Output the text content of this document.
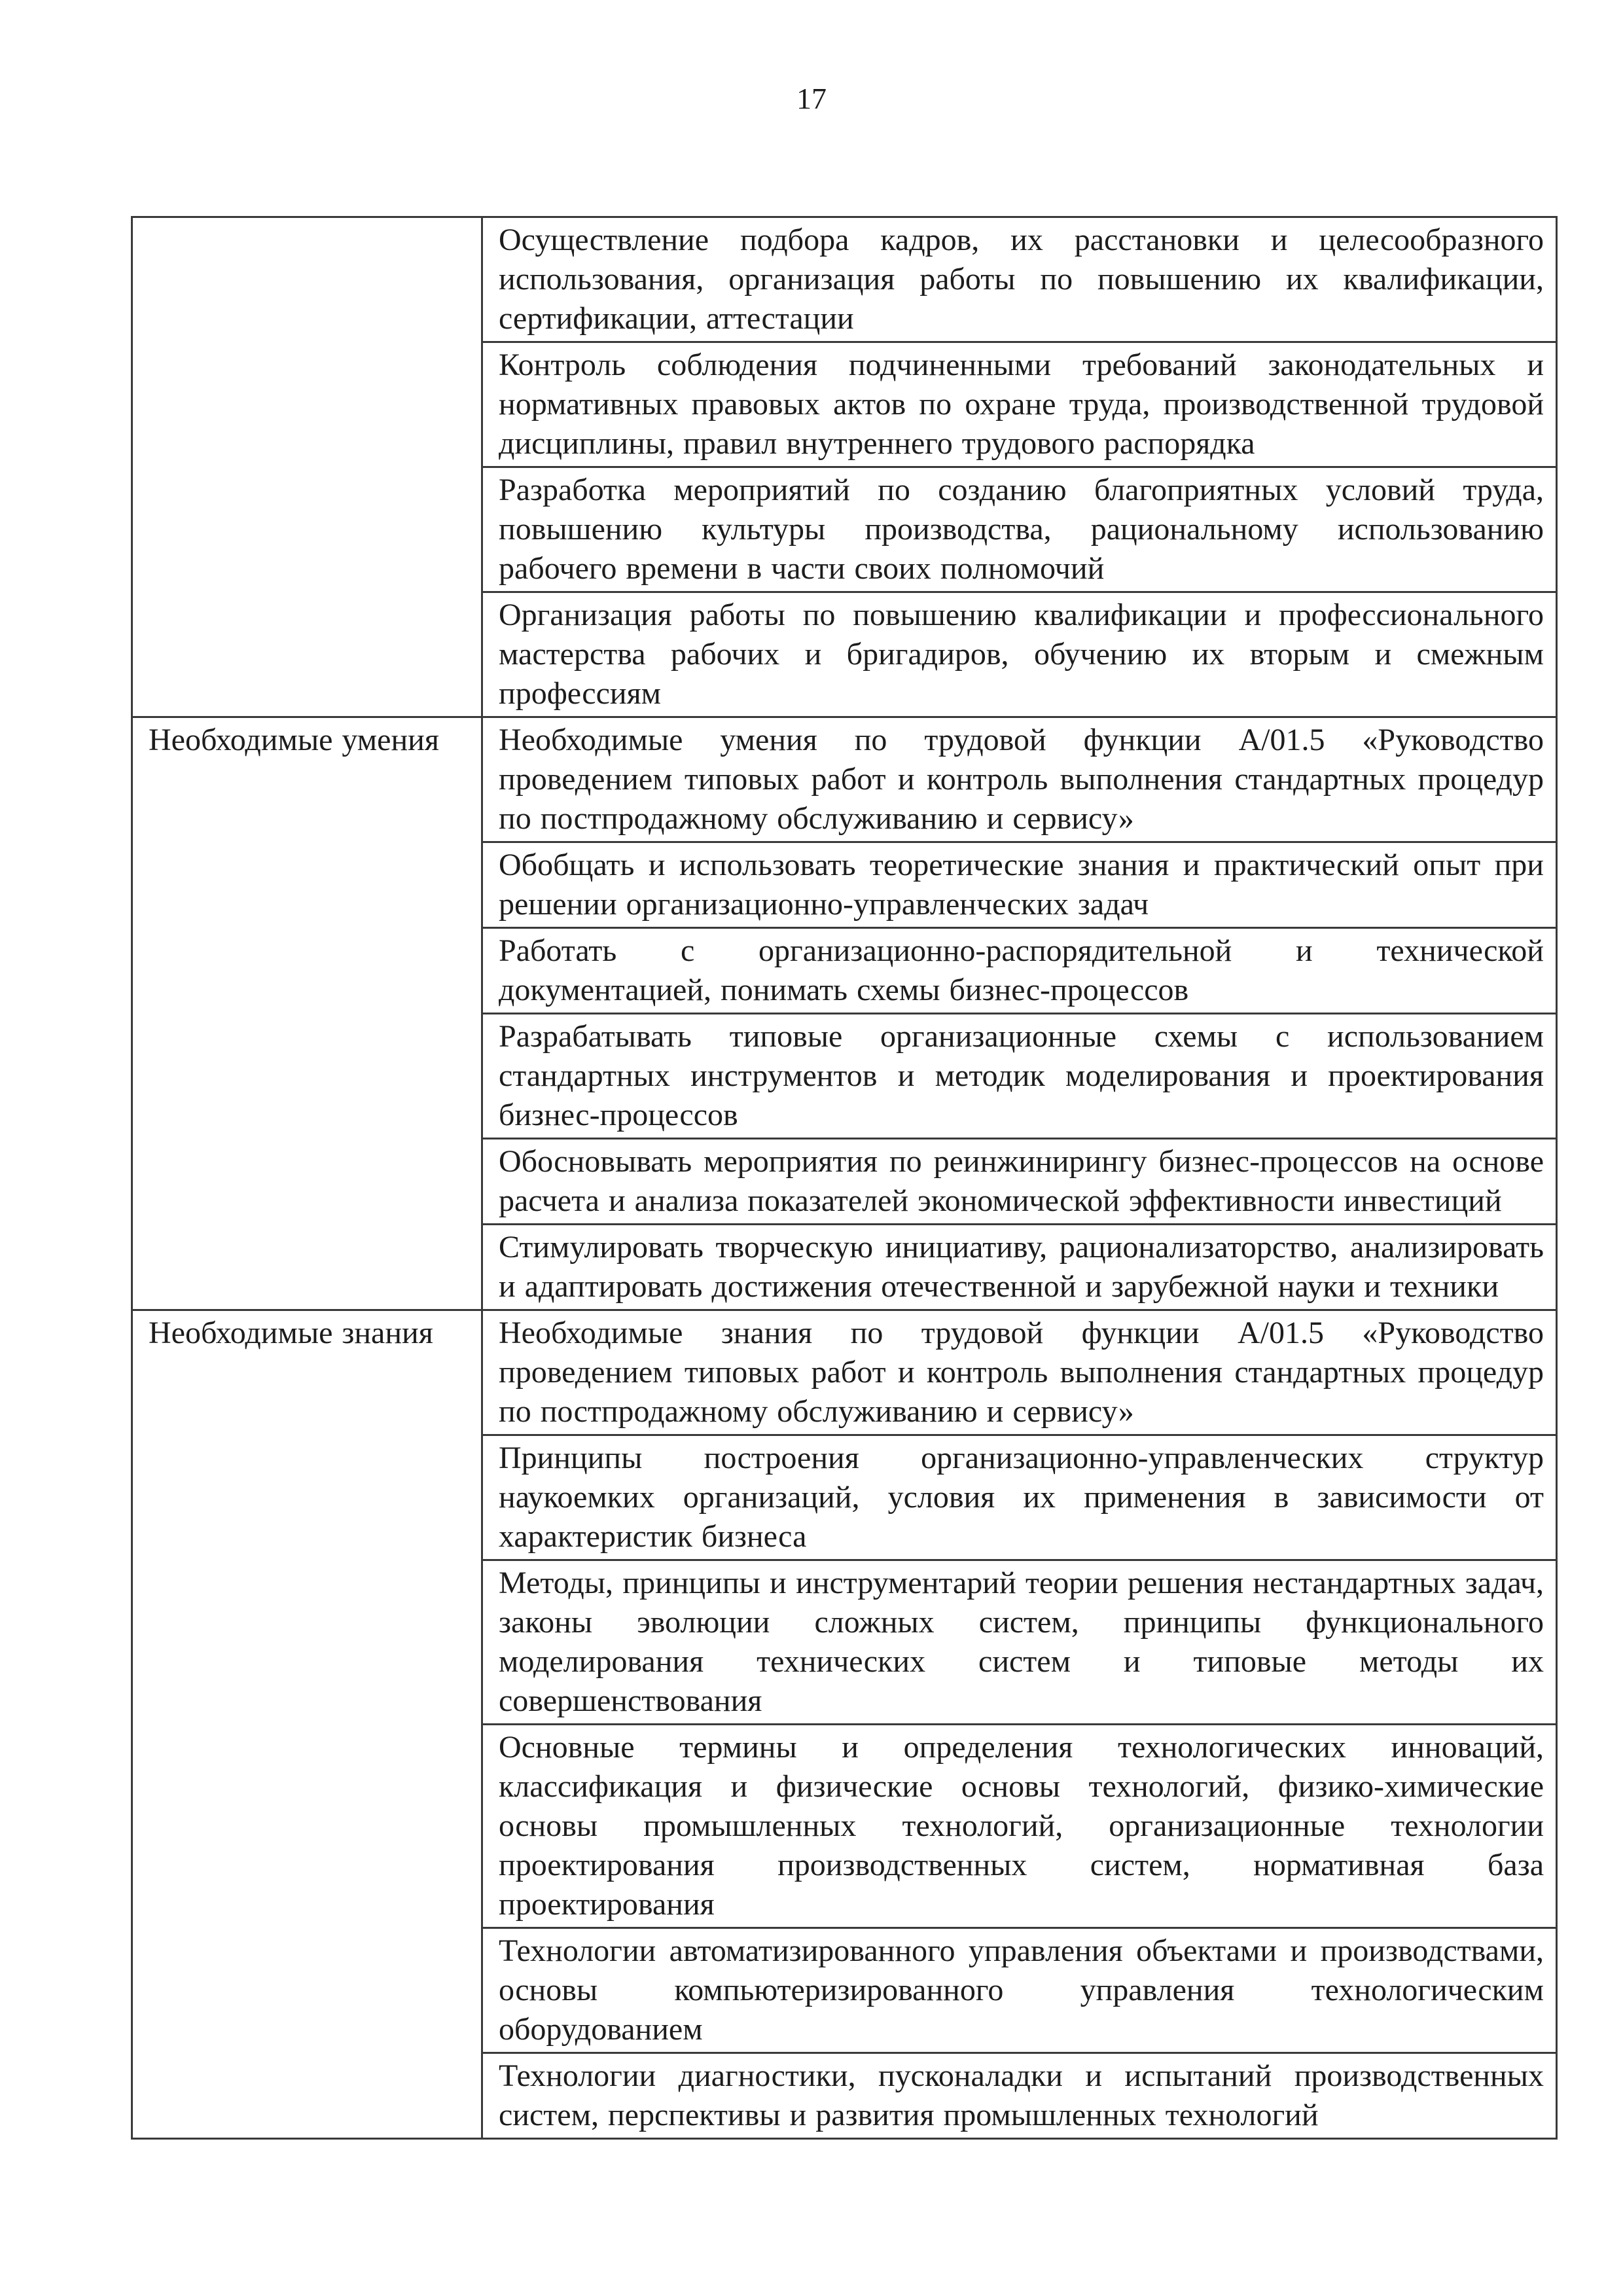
17
	Осуществление подбора кадров, их расстановки и целесообразного использования, организация работы по повышению их квалификации, сертификации, аттестации
	Контроль соблюдения подчиненными требований законодательных и нормативных правовых актов по охране труда, производственной трудовой дисциплины, правил внутреннего трудового распорядка
	Разработка мероприятий по созданию благоприятных условий труда, повышению культуры производства, рациональному использованию рабочего времени в части своих полномочий
	Организация работы по повышению квалификации и профессионального мастерства рабочих и бригадиров, обучению их вторым и смежным профессиям
Необходимые умения	Необходимые умения по трудовой функции А/01.5 «Руководство проведением типовых работ и контроль выполнения стандартных процедур по постпродажному обслуживанию и сервису»
	Обобщать и использовать теоретические знания и практический опыт при решении организационно-управленческих задач
	Работать с организационно-распорядительной и технической документацией, понимать схемы бизнес-процессов
	Разрабатывать типовые организационные схемы с использованием стандартных инструментов и методик моделирования и проектирования бизнес-процессов
	Обосновывать мероприятия по реинжинирингу бизнес-процессов на основе расчета и анализа показателей экономической эффективности инвестиций
	Стимулировать творческую инициативу, рационализаторство, анализировать и адаптировать достижения отечественной и зарубежной науки и техники
Необходимые знания	Необходимые знания по трудовой функции А/01.5 «Руководство проведением типовых работ и контроль выполнения стандартных процедур по постпродажному обслуживанию и сервису»
	Принципы построения организационно-управленческих структур наукоемких организаций, условия их применения в зависимости от характеристик бизнеса
	Методы, принципы и инструментарий теории решения нестандартных задач, законы эволюции сложных систем, принципы функционального моделирования технических систем и типовые методы их совершенствования
	Основные термины и определения технологических инноваций, классификация и физические основы технологий, физико-химические основы промышленных технологий, организационные технологии проектирования производственных систем, нормативная база проектирования
	Технологии автоматизированного управления объектами и производствами, основы компьютеризированного управления технологическим оборудованием
	Технологии диагностики, пусконаладки и испытаний производственных систем, перспективы и развития промышленных технологий
